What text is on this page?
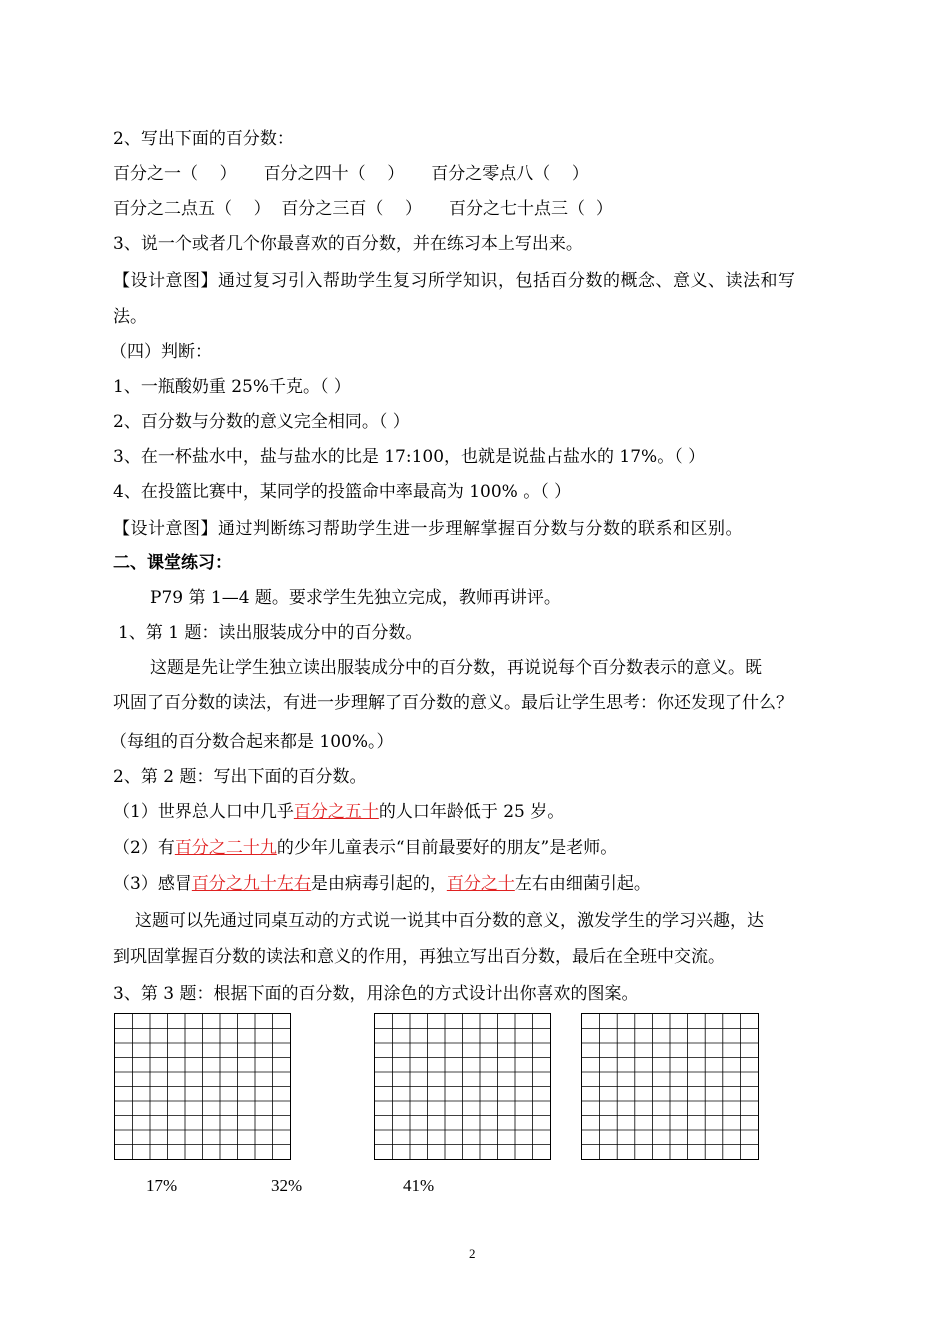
2、写出下面的百分数：
百分之一（    ）     百分之四十（    ）     百分之零点八（    ）
百分之二点五（    ）  百分之三百（    ）     百分之七十点三（  ）
3、说一个或者几个你最喜欢的百分数，并在练习本上写出来。
【设计意图】通过复习引入帮助学生复习所学知识，包括百分数的概念、意义、读法和写
法。
（四）判断：
1、一瓶酸奶重 25%千克。（ ）
2、百分数与分数的意义完全相同。（ ）
3、在一杯盐水中，盐与盐水的比是 17:100，也就是说盐占盐水的 17%。（ ）
4、在投篮比赛中，某同学的投篮命中率最高为 100% 。（ ）
【设计意图】通过判断练习帮助学生进一步理解掌握百分数与分数的联系和区别。
二、课堂练习：
P79 第 1—4 题。要求学生先独立完成，教师再讲评。
1、第 1 题：读出服装成分中的百分数。
这题是先让学生独立读出服装成分中的百分数，再说说每个百分数表示的意义。既
巩固了百分数的读法，有进一步理解了百分数的意义。最后让学生思考：你还发现了什么？
（每组的百分数合起来都是 100%。）
2、第 2 题：写出下面的百分数。
（1）世界总人口中几乎百分之五十的人口年龄低于 25 岁。
（2）有百分之二十九的少年儿童表示“目前最要好的朋友”是老师。
（3）感冒百分之九十左右是由病毒引起的，百分之十左右由细菌引起。
这题可以先通过同桌互动的方式说一说其中百分数的意义，激发学生的学习兴趣，达
到巩固掌握百分数的读法和意义的作用，再独立写出百分数，最后在全班中交流。
3、第 3 题：根据下面的百分数，用涂色的方式设计出你喜欢的图案。
17%	32%	41%
2
